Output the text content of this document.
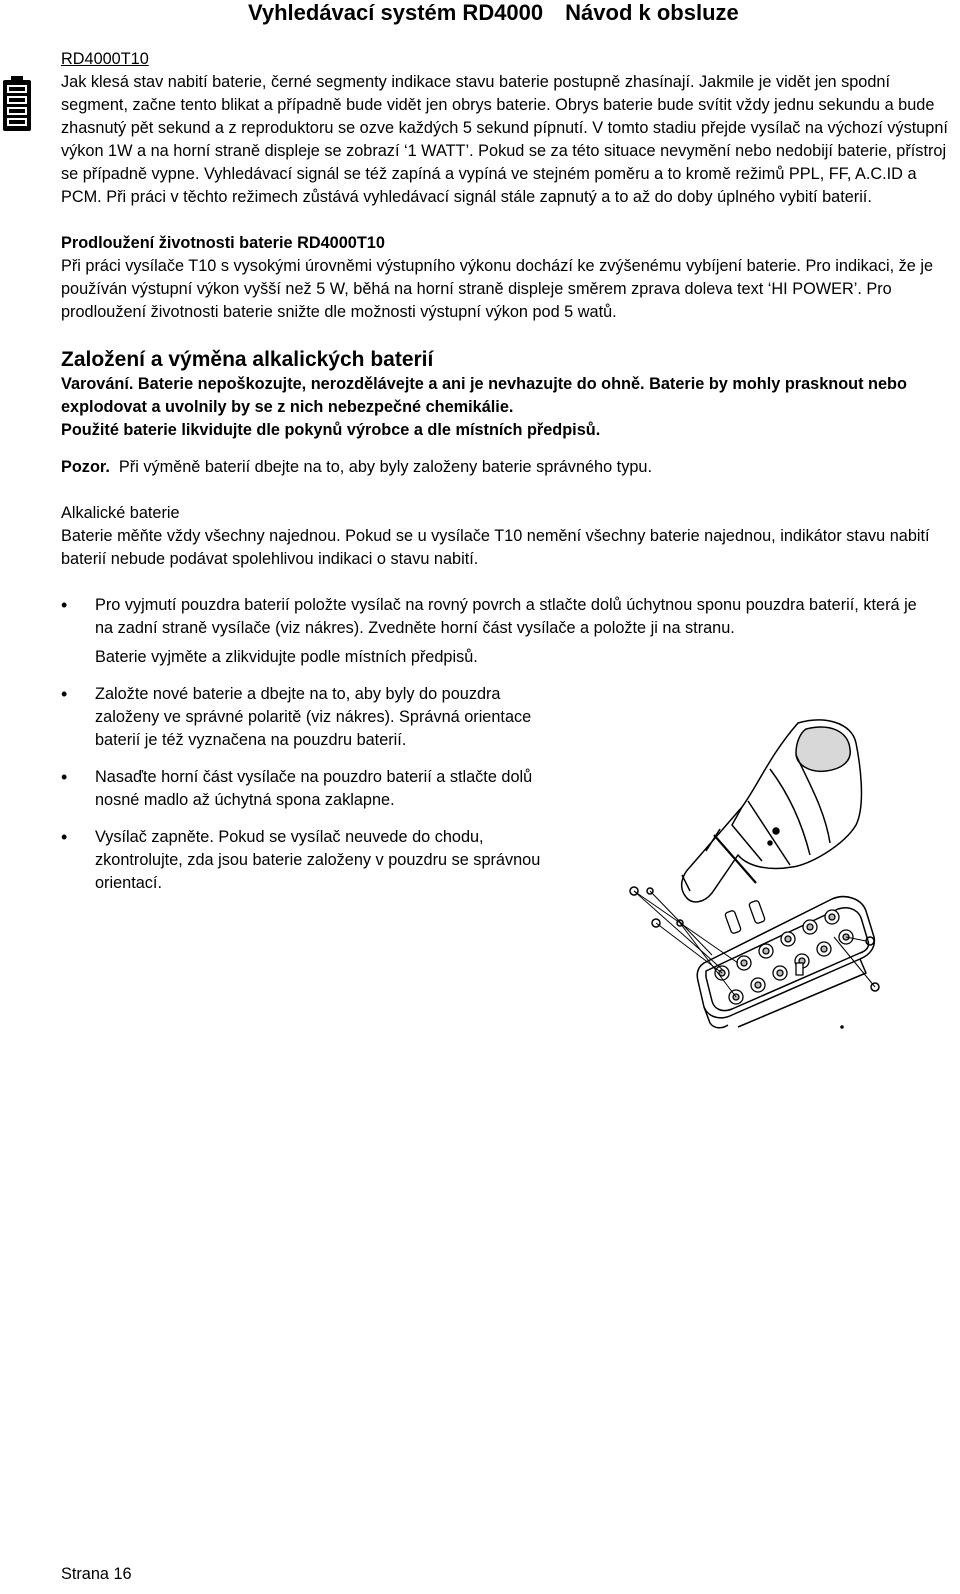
Vyhledávací systém RD4000 Návod k obsluze

RD4000T10

Jak klesá stav nabití baterie, černé segmenty indikace stavu baterie postupně zhasínají. Jakmile je vidět jen spodní segment, začne tento blikat a případně bude vidět jen obrys baterie. Obrys baterie bude svítit vždy jednu sekundu a bude zhasnutý pět sekund a z reproduktoru se ozve každých 5 sekund pípnutí. V tomto stadiu přejde vysílač na výchozí výstupní výkon 1W a na horní straně displeje se zobrazí ‘1 WATT’. Pokud se za této situace nevymění nebo nedobijí baterie, přístroj se případně vypne. Vyhledávací signál se též zapíná a vypíná ve stejném poměru a to kromě režimů PPL, FF, A.C.ID a PCM. Při práci v těchto režimech zůstává vyhledávací signál stále zapnutý a to až do doby úplného vybití baterií.

Prodloužení životnosti baterie RD4000T10

Při práci vysílače T10 s vysokými úrovněmi výstupního výkonu dochází ke zvýšenému vybíjení baterie. Pro indikaci, že je používán výstupní výkon vyšší než 5 W, běhá na horní straně displeje směrem zprava doleva text ‘HI POWER’. Pro prodloužení životnosti baterie snižte dle možnosti výstupní výkon pod 5 watů.

Založení a výměna alkalických baterií

Varování. Baterie nepoškozujte, nerozdělávejte a ani je nevhazujte do ohně. Baterie by mohly prasknout nebo explodovat a uvolnily by se z nich nebezpečné chemikálie.

Použité baterie likvidujte dle pokynů výrobce a dle místních předpisů.

Pozor. Při výměně baterií dbejte na to, aby byly založeny baterie správného typu.

Alkalické baterie

Baterie měňte vždy všechny najednou. Pokud se u vysílače T10 nemění všechny baterie najednou, indikátor stavu nabití baterií nebude podávat spolehlivou indikaci o stavu nabití.

• Pro vyjmutí pouzdra baterií položte vysílač na rovný povrch a stlačte dolů úchytnou sponu pouzdra baterií, která je na zadní straně vysílače (viz nákres). Zvedněte horní část vysílače a položte ji na stranu.

Baterie vyjměte a zlikvidujte podle místních předpisů.

• Založte nové baterie a dbejte na to, aby byly do pouzdra založeny ve správné polaritě (viz nákres). Správná orientace baterií je též vyznačena na pouzdru baterií.
• Nasaďte horní část vysílače na pouzdro baterií a stlačte dolů nosné madlo až úchytná spona zaklapne.
• Vysílač zapněte. Pokud se vysílač neuvede do chodu, zkontrolujte, zda jsou baterie založeny v pouzdru se správnou orientací.
Strana 16
